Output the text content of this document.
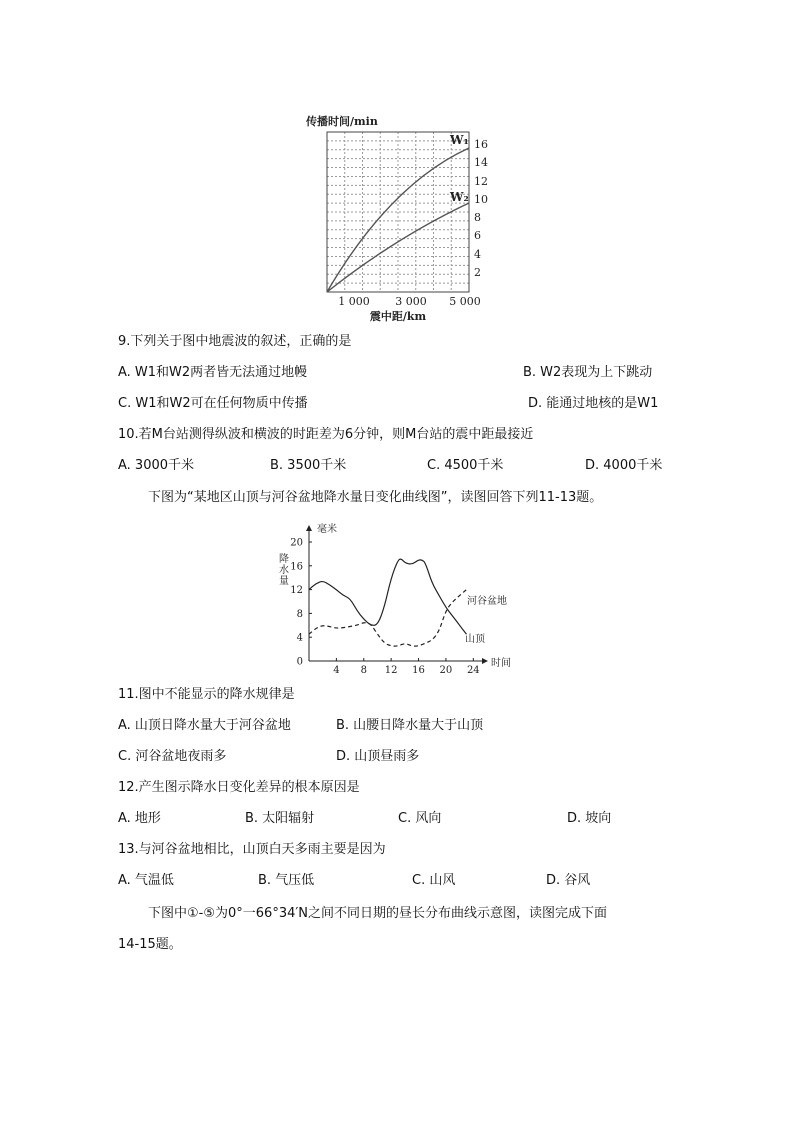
传播时间/min
W₁
W₂
2
4
6
8
10
12
14
16
1 000 3 000 5 000
震中距/km
9.下列关于图中地震波的叙述，正确的是
A. W1和W2两者皆无法通过地幔	B. W2表现为上下跳动
C. W1和W2可在任何物质中传播	D. 能通过地核的是W1
10.若M台站测得纵波和横波的时距差为6分钟，则M台站的震中距最接近
A. 3000千米	B. 3500千米	C. 4500千米	D. 4000千米
下图为“某地区山顶与河谷盆地降水量日变化曲线图”，读图回答下列11-13题。
毫米
降水量
0
4
8
12
16
20
4 8 12 16 20 24
河谷盆地
山顶
时间
11.图中不能显示的降水规律是
A. 山顶日降水量大于河谷盆地	B. 山腰日降水量大于山顶
C. 河谷盆地夜雨多	D. 山顶昼雨多
12.产生图示降水日变化差异的根本原因是
A. 地形	B. 太阳辐射	C. 风向	D. 坡向
13.与河谷盆地相比，山顶白天多雨主要是因为
A. 气温低	B. 气压低	C. 山风	D. 谷风
下图中①-⑤为0°一66°34′N之间不同日期的昼长分布曲线示意图，读图完成下面
14-15题。
